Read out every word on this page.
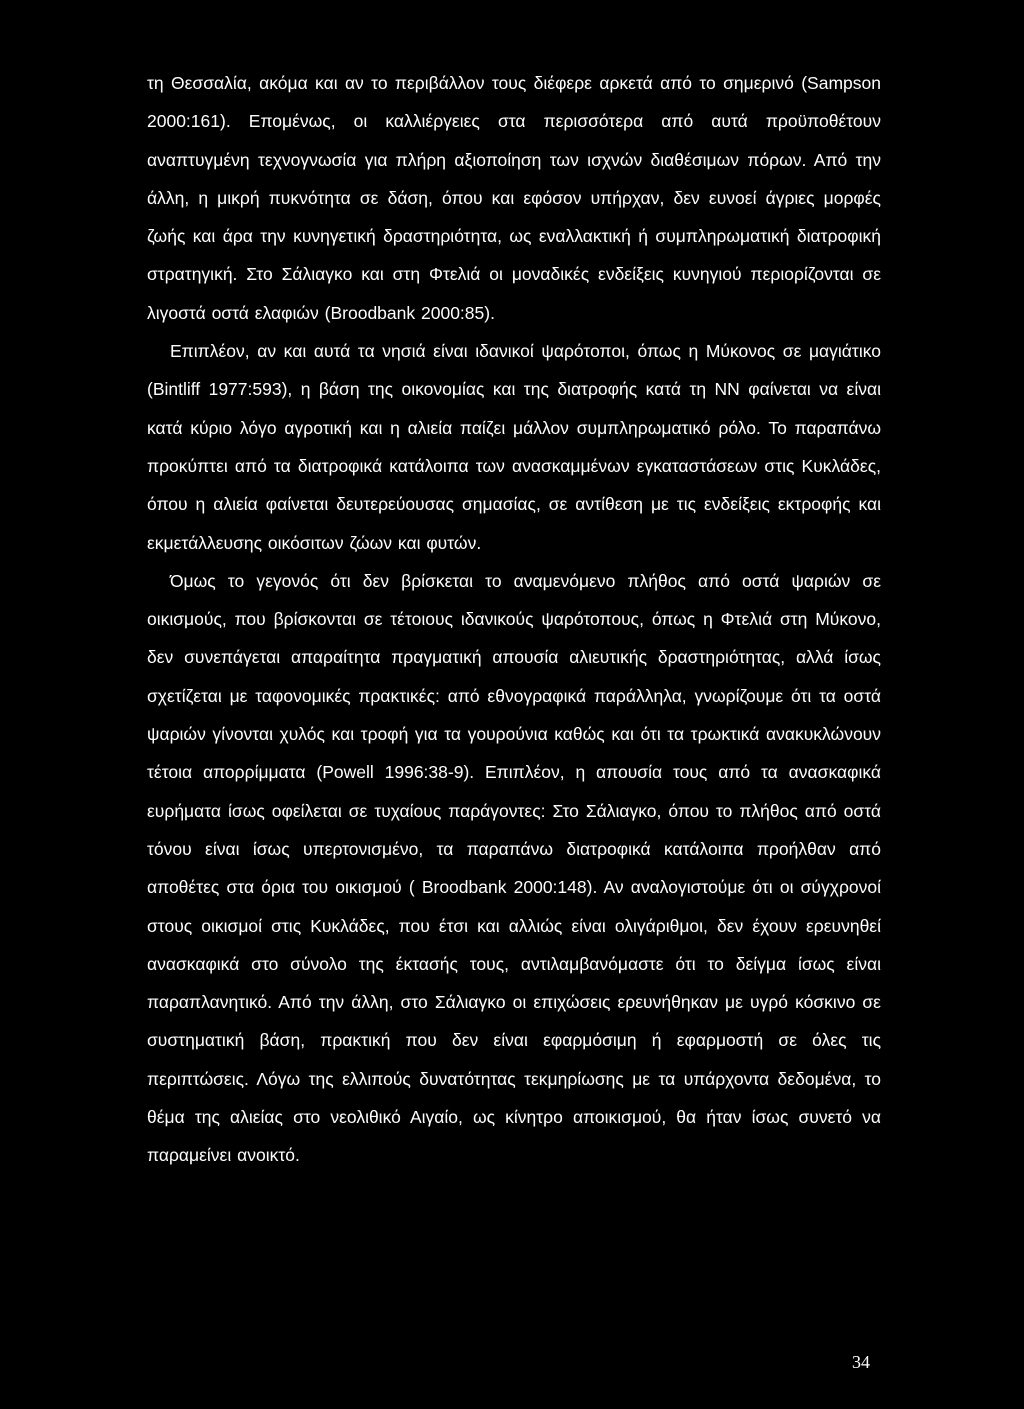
τη Θεσσαλία, ακόμα και αν το περιβάλλον τους διέφερε αρκετά από το σημερινό (Sampson 2000:161). Επομένως, οι καλλιέργειες στα περισσότερα από αυτά προϋποθέτουν αναπτυγμένη τεχνογνωσία για πλήρη αξιοποίηση των ισχνών διαθέσιμων πόρων. Από την άλλη, η μικρή πυκνότητα σε δάση, όπου και εφόσον υπήρχαν, δεν ευνοεί άγριες μορφές ζωής και άρα την κυνηγετική δραστηριότητα, ως εναλλακτική ή συμπληρωματική διατροφική στρατηγική. Στο Σάλιαγκο και στη Φτελιά οι μοναδικές ενδείξεις κυνηγιού περιορίζονται σε λιγοστά οστά ελαφιών (Broodbank 2000:85).

Επιπλέον, αν και αυτά τα νησιά είναι ιδανικοί ψαρότοποι, όπως η Μύκονος σε μαγιάτικο (Bintliff 1977:593), η βάση της οικονομίας και της διατροφής κατά τη ΝΝ φαίνεται να είναι κατά κύριο λόγο αγροτική και η αλιεία παίζει μάλλον συμπληρωματικό ρόλο. Το παραπάνω προκύπτει από τα διατροφικά κατάλοιπα των ανασκαμμένων εγκαταστάσεων στις Κυκλάδες, όπου η αλιεία φαίνεται δευτερεύουσας σημασίας, σε αντίθεση με τις ενδείξεις εκτροφής και εκμετάλλευσης οικόσιτων ζώων και φυτών.

Όμως το γεγονός ότι δεν βρίσκεται το αναμενόμενο πλήθος από οστά ψαριών σε οικισμούς, που βρίσκονται σε τέτοιους ιδανικούς ψαρότοπους, όπως η Φτελιά στη Μύκονο, δεν συνεπάγεται απαραίτητα πραγματική απουσία αλιευτικής δραστηριότητας, αλλά ίσως σχετίζεται με ταφονομικές πρακτικές: από εθνογραφικά παράλληλα, γνωρίζουμε ότι τα οστά ψαριών γίνονται χυλός και τροφή για τα γουρούνια καθώς και ότι τα τρωκτικά ανακυκλώνουν τέτοια απορρίμματα (Powell 1996:38-9). Επιπλέον, η απουσία τους από τα ανασκαφικά ευρήματα ίσως οφείλεται σε τυχαίους παράγοντες: Στο Σάλιαγκο, όπου το πλήθος από οστά τόνου είναι ίσως υπερτονισμένο, τα παραπάνω διατροφικά κατάλοιπα προήλθαν από αποθέτες στα όρια του οικισμού ( Broodbank 2000:148). Αν αναλογιστούμε ότι οι σύγχρονοί στους οικισμοί στις Κυκλάδες, που έτσι και αλλιώς είναι ολιγάριθμοι, δεν έχουν ερευνηθεί ανασκαφικά στο σύνολο της έκτασής τους, αντιλαμβανόμαστε ότι το δείγμα ίσως είναι παραπλανητικό. Από την άλλη, στο Σάλιαγκο οι επιχώσεις ερευνήθηκαν με υγρό κόσκινο σε συστηματική βάση, πρακτική που δεν είναι εφαρμόσιμη ή εφαρμοστή σε όλες τις περιπτώσεις. Λόγω της ελλιπούς δυνατότητας τεκμηρίωσης με τα υπάρχοντα δεδομένα, το θέμα της αλιείας στο νεολιθικό Αιγαίο, ως κίνητρο αποικισμού, θα ήταν ίσως συνετό να παραμείνει ανοικτό.

34
